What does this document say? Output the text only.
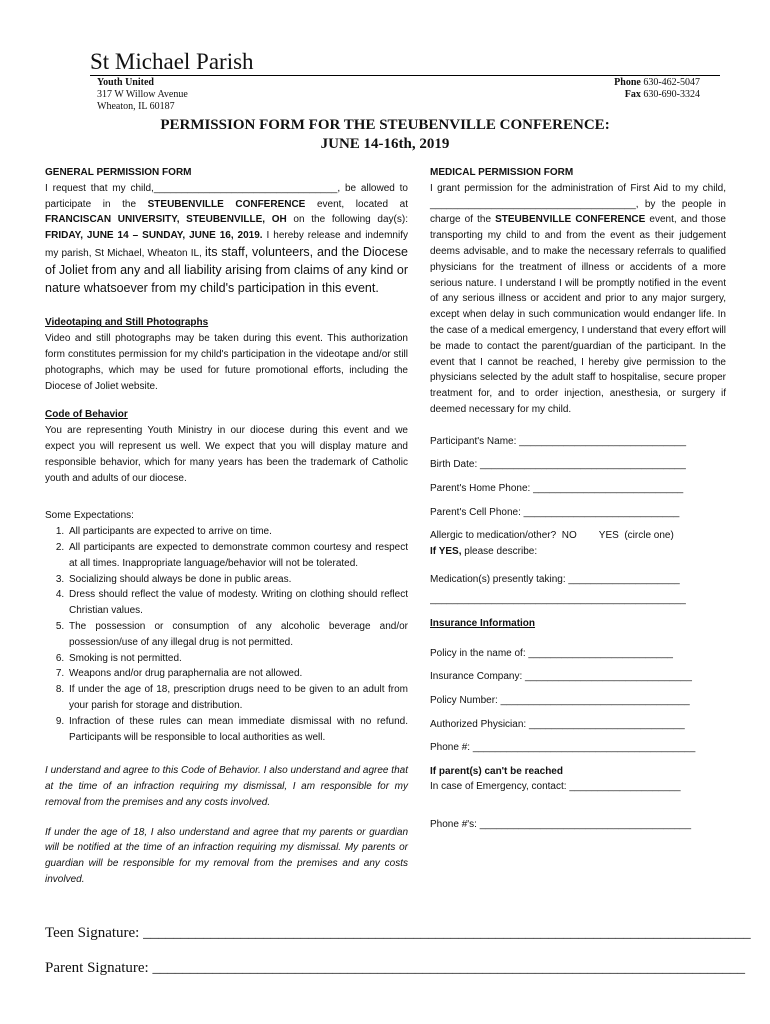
St Michael Parish
Youth United
317 W Willow Avenue
Wheaton, IL 60187
Phone 630-462-5047
Fax 630-690-3324
PERMISSION FORM FOR THE STEUBENVILLE CONFERENCE:
JUNE 14-16th, 2019
GENERAL PERMISSION FORM

I request that my child,_________________________________, be allowed to participate in the STEUBENVILLE CONFERENCE event, located at FRANCISCAN UNIVERSITY, STEUBENVILLE, OH on the following day(s): FRIDAY, JUNE 14 – SUNDAY, JUNE 16, 2019. I hereby release and indemnify my parish, St Michael, Wheaton IL, its staff, volunteers, and the Diocese of Joliet from any and all liability arising from claims of any kind or nature whatsoever from my child's participation in this event.

Videotaping and Still Photographs

Video and still photographs may be taken during this event. This authorization form constitutes permission for my child's participation in the videotape and/or still photographs, which may be used for future promotional efforts, including the Diocese of Joliet website.

Code of Behavior

You are representing Youth Ministry in our diocese during this event and we expect you will represent us well. We expect that you will display mature and responsible behavior, which for many years has been the trademark of Catholic youth and adults of our diocese.

Some Expectations:
1. All participants are expected to arrive on time.
2. All participants are expected to demonstrate common courtesy and respect at all times. Inappropriate language/behavior will not be tolerated.
3. Socializing should always be done in public areas.
4. Dress should reflect the value of modesty. Writing on clothing should reflect Christian values.
5. The possession or consumption of any alcoholic beverage and/or possession/use of any illegal drug is not permitted.
6. Smoking is not permitted.
7. Weapons and/or drug paraphernalia are not allowed.
8. If under the age of 18, prescription drugs need to be given to an adult from your parish for storage and distribution.
9. Infraction of these rules can mean immediate dismissal with no refund. Participants will be responsible to local authorities as well.

I understand and agree to this Code of Behavior. I also understand and agree that at the time of an infraction requiring my dismissal, I am responsible for my removal from the premises and any costs involved.

If under the age of 18, I also understand and agree that my parents or guardian will be notified at the time of an infraction requiring my dismissal. My parents or guardian will be responsible for my removal from the premises and any costs involved.

MEDICAL PERMISSION FORM

I grant permission for the administration of First Aid to my child, _____________________________________, by the people in charge of the STEUBENVILLE CONFERENCE event, and those transporting my child to and from the event as their judgement deems advisable, and to make the necessary referrals to qualified physicians for the treatment of illness or accidents of a more serious nature. I understand I will be promptly notified in the event of any serious illness or accident and prior to any major surgery, except when delay in such communication would endanger life. In the case of a medical emergency, I understand that every effort will be made to contact the parent/guardian of the participant. In the event that I cannot be reached, I hereby give permission to the physicians selected by the adult staff to hospitalise, secure proper treatment for, and to order injection, anesthesia, or surgery if deemed necessary for my child.

Participant's Name: ______________________________
Birth Date: _____________________________________
Parent's Home Phone: ___________________________
Parent's Cell Phone: ____________________________
Allergic to medication/other?  NO        YES  (circle one)
If YES, please describe:
Medication(s) presently taking: ____________________
______________________________________________
Insurance Information
Policy in the name of: __________________________
Insurance Company: ______________________________
Policy Number: __________________________________
Authorized Physician: ____________________________
Phone #: ________________________________________
If parent(s) can't be reached
In case of Emergency, contact: ____________________
Phone #'s: ______________________________________
Teen Signature: _________________________________________________________________________________
Parent Signature: _______________________________________________________________________________
